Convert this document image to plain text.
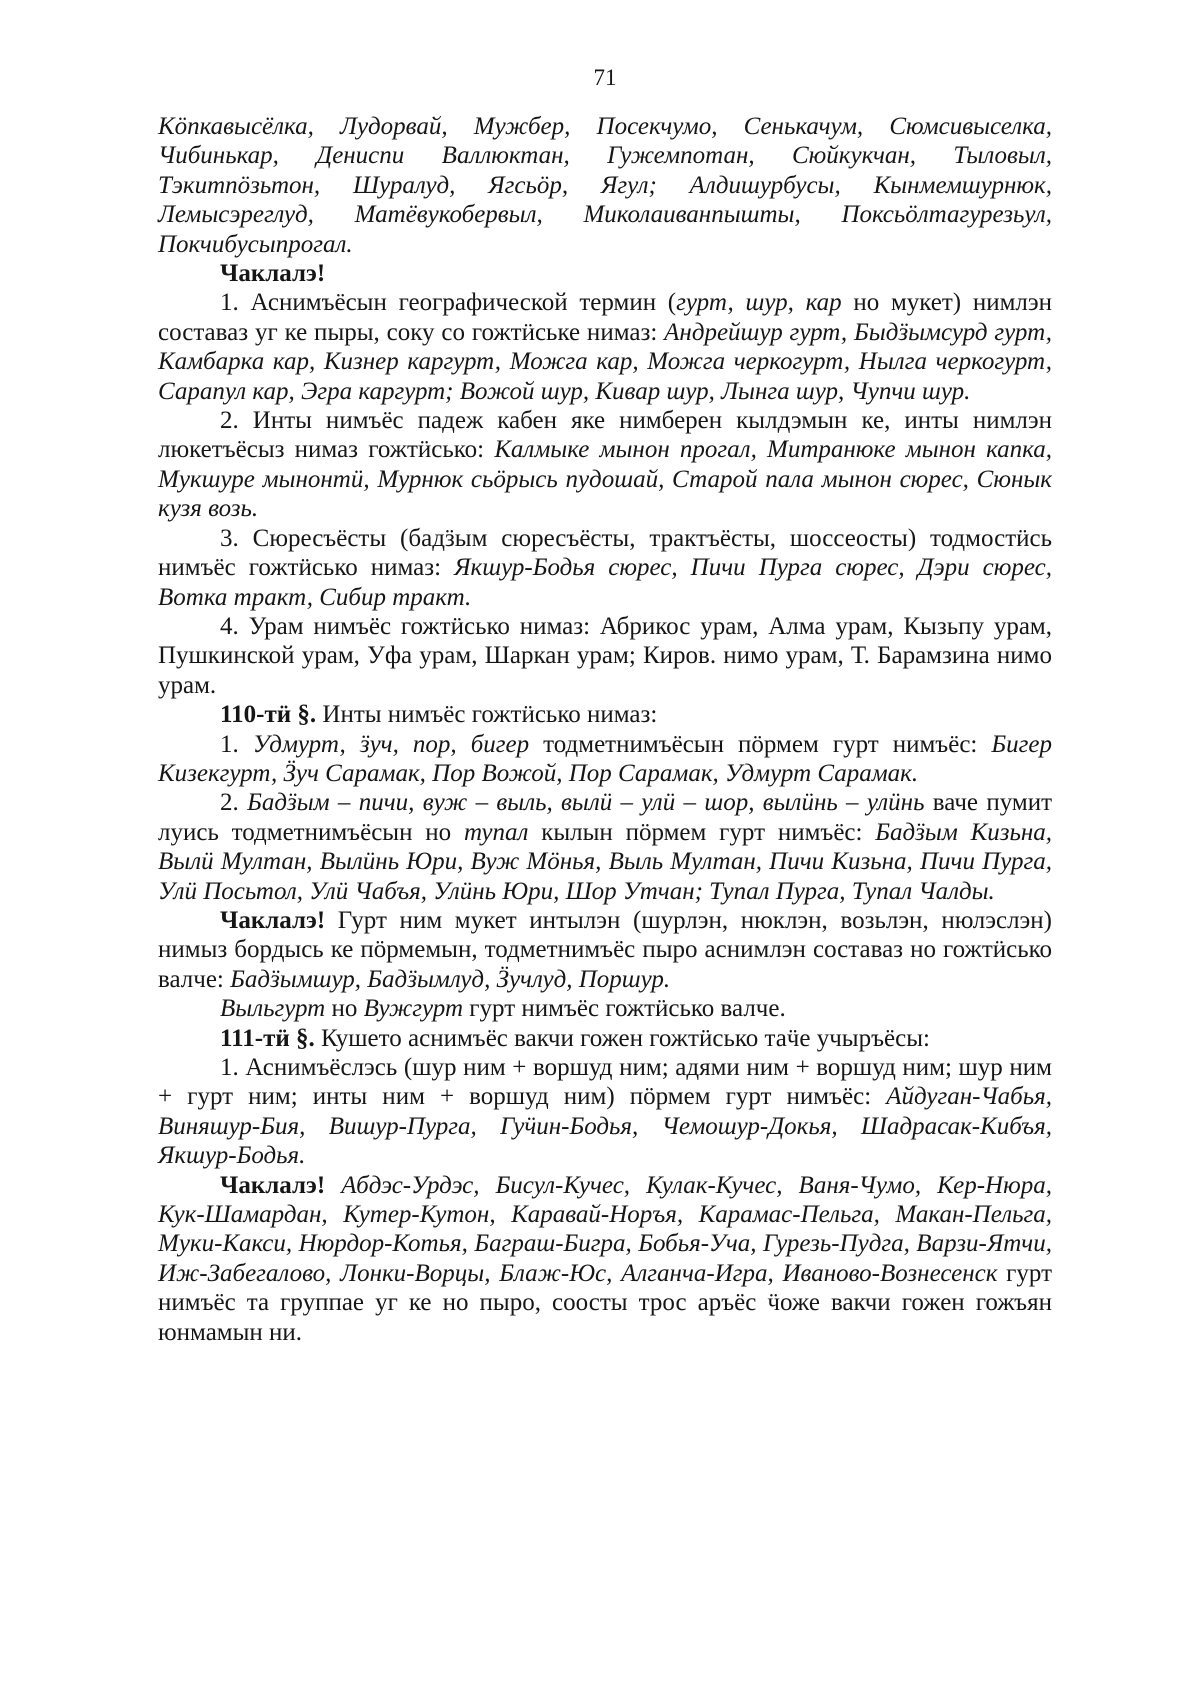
71

Кӧпкавысёлка, Лудорвай, Мужбер, Посекчумо, Сенькачум, Сюмсивыселка, Чибинькар, Дениспи Валлюктан, Гужемпотан, Сюйкукчан, Тыловыл, Тэкитпӧзьтон, Шуралуд, Ягсьӧр, Ягул; Алдишурбусы, Кынмемшурнюк, Лемысэреглуд, Матёвукобервыл, Миколаиванпышты, Поксьӧлтагурезьул, Покчибусыпрогал.

Чаклалэ!

1. Аснимъёсын географической термин (гурт, шур, кар но мукет) нимлэн составаз уг ке пыры, соку со гожтӥське нимаз: Андрейшур гурт, Быдӟымсурд гурт, Камбарка кар, Кизнер каргурт, Можга кар, Можга черкогурт, Нылга черкогурт, Сарапул кар, Эгра каргурт; Вожой шур, Кивар шур, Лынга шур, Чупчи шур.

2. Инты нимъёс падеж кабен яке нимберен кылдэмын ке, инты нимлэн люкетъёсыз нимаз гожтӥсько: Калмыке мынон прогал, Митранюке мынон капка, Мукшуре мынонтӥ, Мурнюк сьӧрысь пудошай, Старой пала мынон сюрес, Сюнык кузя возь.

3. Сюресъёсты (бадӟым сюресъёсты, трактъёсты, шоссеосты) тодмостӥсь нимъёс гожтӥсько нимаз: Якшур-Бодья сюрес, Пичи Пурга сюрес, Дэри сюрес, Вотка тракт, Сибир тракт.

4. Урам нимъёс гожтӥсько нимаз: Абрикос урам, Алма урам, Кызьпу урам, Пушкинской урам, Уфа урам, Шаркан урам; Киров. нимо урам, Т. Барамзина нимо урам.

110-тӥ §. Инты нимъёс гожтӥсько нимаз:

1. Удмурт, ӟуч, пор, бигер тодметнимъёсын пӧрмем гурт нимъёс: Бигер Кизекгурт, Ӟуч Сарамак, Пор Вожой, Пор Сарамак, Удмурт Сарамак.

2. Бадӟым – пичи, вуж – выль, вылӥ – улӥ – шор, вылӥнь – улӥнь ваче пумит луись тодметнимъёсын но тупал кылын пӧрмем гурт нимъёс: Бадӟым Кизьна, Вылӥ Мултан, Вылӥнь Юри, Вуж Мӧнья, Выль Мултан, Пичи Кизьна, Пичи Пурга, Улӥ Посьтол, Улӥ Чабъя, Улӥнь Юри, Шор Утчан; Тупал Пурга, Тупал Чалды.

Чаклалэ! Гурт ним мукет интылэн (шурлэн, нюклэн, возьлэн, нюлэслэн) нимыз бордысь ке пӧрмемын, тодметнимъёс пыро аснимлэн составаз но гожтӥсько валче: Бадӟымшур, Бадӟымлуд, Ӟучлуд, Поршур.

Выльгурт но Вужгурт гурт нимъёс гожтӥсько валче.

111-тӥ §. Кушето аснимъёс вакчи гожен гожтӥсько таӵе учыръёсы:

1. Аснимъёслэсь (шур ним + воршуд ним; адями ним + воршуд ним; шур ним + гурт ним; инты ним + воршуд ним) пӧрмем гурт нимъёс: Айдуган-Чабья, Виняшур-Бия, Вишур-Пурга, Гуӵин-Бодья, Чемошур-Докья, Шадрасак-Кибъя, Якшур-Бодья.

Чаклалэ! Абдэс-Урдэс, Бисул-Кучес, Кулак-Кучес, Ваня-Чумо, Кер-Нюра, Кук-Шамардан, Кутер-Кутон, Каравай-Норъя, Карамас-Пельга, Макан-Пельга, Муки-Какси, Нюрдор-Котья, Баграш-Бигра, Бобья-Уча, Гурезь-Пудга, Варзи-Ятчи, Иж-Забегалово, Лонки-Ворцы, Блаж-Юс, Алганча-Игра, Иваново-Вознесенск гурт нимъёс та группае уг ке но пыро, соосты трос аръёс ӵоже вакчи гожен гожъян юнмамын ни.
